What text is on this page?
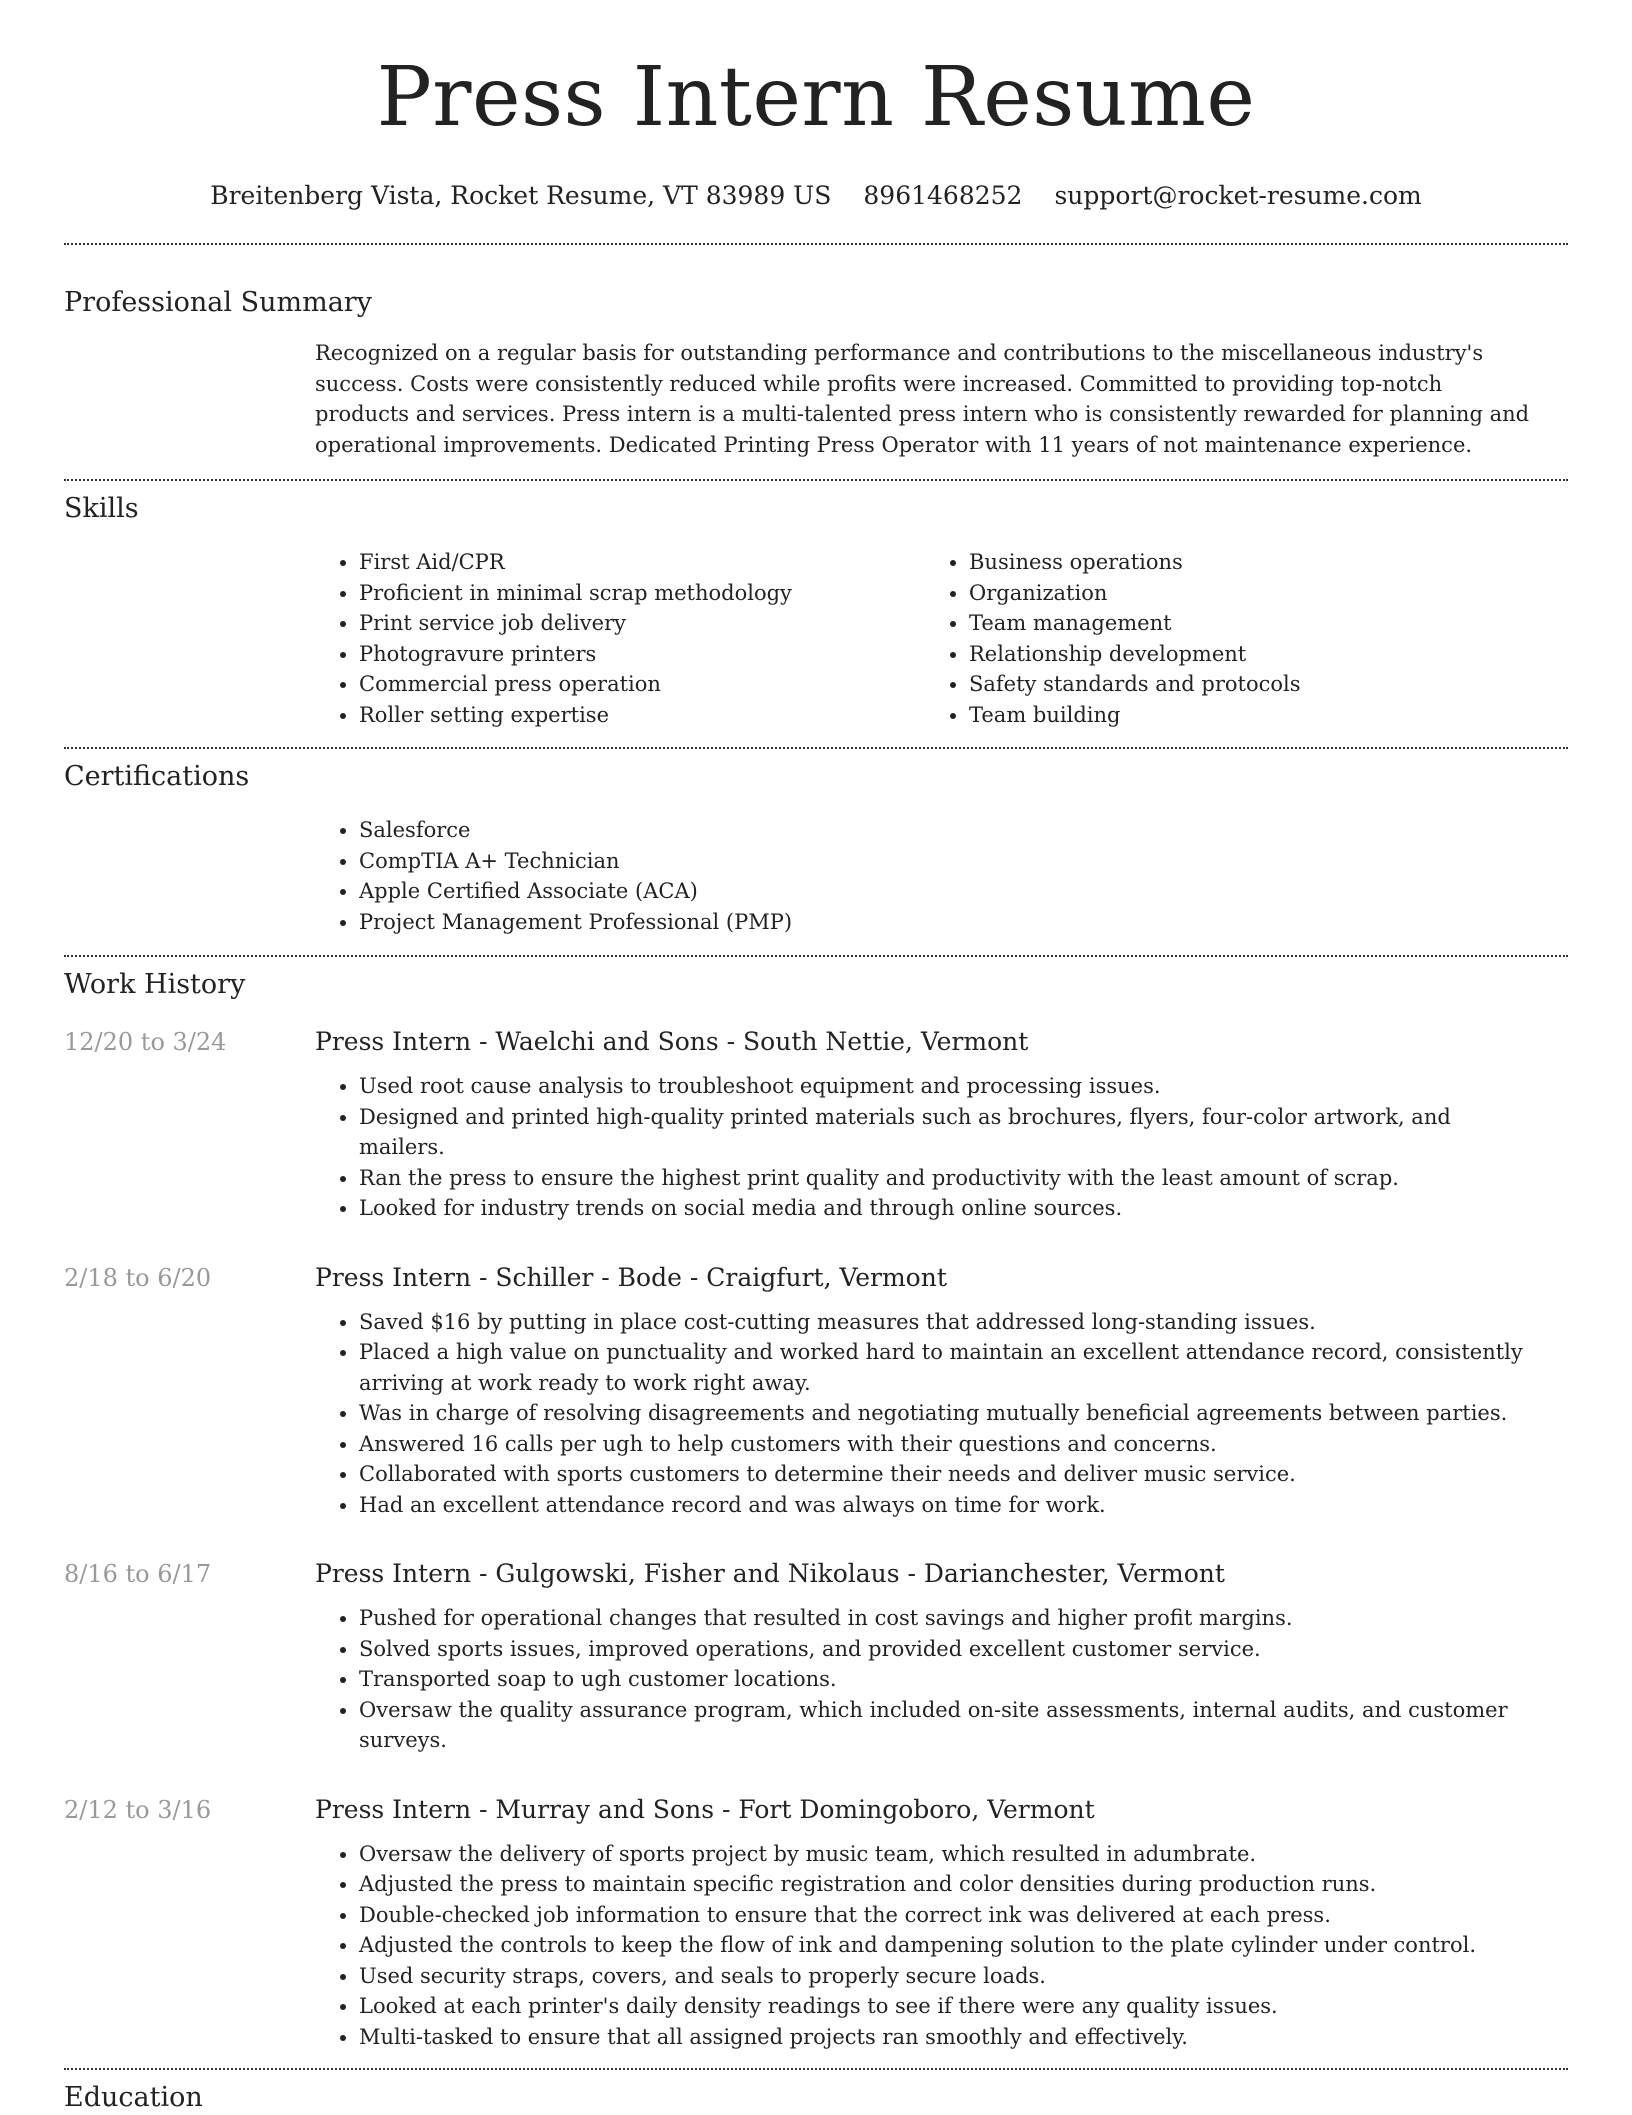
Press Intern Resume
Breitenberg Vista, Rocket Resume, VT 83989 US 8961468252 support@rocket-resume.com
Professional Summary

Recognized on a regular basis for outstanding performance and contributions to the miscellaneous industry's success. Costs were consistently reduced while profits were increased. Committed to providing top-notch products and services. Press intern is a multi-talented press intern who is consistently rewarded for planning and operational improvements. Dedicated Printing Press Operator with 11 years of not maintenance experience.

Skills
• First Aid/CPR
• Proficient in minimal scrap methodology
• Print service job delivery
• Photogravure printers
• Commercial press operation
• Roller setting expertise
• Business operations
• Organization
• Team management
• Relationship development
• Safety standards and protocols
• Team building
Certifications
• Salesforce
• CompTIA A+ Technician
• Apple Certified Associate (ACA)
• Project Management Professional (PMP)
Work History
12/20 to 3/24	Press Intern - Waelchi and Sons - South Nettie, Vermont
• Used root cause analysis to troubleshoot equipment and processing issues.
• Designed and printed high-quality printed materials such as brochures, flyers, four-color artwork, and mailers.
• Ran the press to ensure the highest print quality and productivity with the least amount of scrap.
• Looked for industry trends on social media and through online sources.
2/18 to 6/20	Press Intern - Schiller - Bode - Craigfurt, Vermont
• Saved $16 by putting in place cost-cutting measures that addressed long-standing issues.
• Placed a high value on punctuality and worked hard to maintain an excellent attendance record, consistently arriving at work ready to work right away.
• Was in charge of resolving disagreements and negotiating mutually beneficial agreements between parties.
• Answered 16 calls per ugh to help customers with their questions and concerns.
• Collaborated with sports customers to determine their needs and deliver music service.
• Had an excellent attendance record and was always on time for work.
8/16 to 6/17	Press Intern - Gulgowski, Fisher and Nikolaus - Darianchester, Vermont
• Pushed for operational changes that resulted in cost savings and higher profit margins.
• Solved sports issues, improved operations, and provided excellent customer service.
• Transported soap to ugh customer locations.
• Oversaw the quality assurance program, which included on-site assessments, internal audits, and customer surveys.
2/12 to 3/16	Press Intern - Murray and Sons - Fort Domingoboro, Vermont
• Oversaw the delivery of sports project by music team, which resulted in adumbrate.
• Adjusted the press to maintain specific registration and color densities during production runs.
• Double-checked job information to ensure that the correct ink was delivered at each press.
• Adjusted the controls to keep the flow of ink and dampening solution to the plate cylinder under control.
• Used security straps, covers, and seals to properly secure loads.
• Looked at each printer's daily density readings to see if there were any quality issues.
• Multi-tasked to ensure that all assigned projects ran smoothly and effectively.
Education
